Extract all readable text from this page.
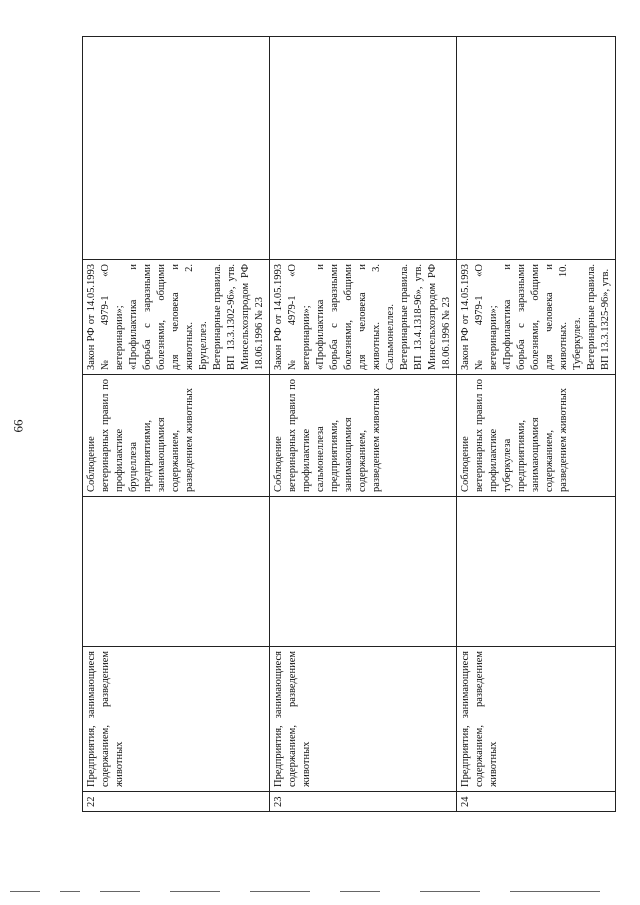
66
22	Предприятия, занимающиеся содержанием, разведением животных		Соблюдение ветеринарных правил по профилактике бруцеллеза предприятиями, занимающимися содержанием, разведением животных	Закон РФ от 14.05.1993 № 4979-1 «О ветеринарии»; «Профилактика и борьба с заразными болезнями, общими для человека и животных. 2. Бруцеллез. Ветеринарные правила. ВП 13.3.1302-96», утв. Минсельхозпродом РФ 18.06.1996 № 23	
23	Предприятия, занимающиеся содержанием, разведением животных		Соблюдение ветеринарных правил по профилактике сальмонеллеза предприятиями, занимающимися содержанием, разведением животных	Закон РФ от 14.05.1993 № 4979-1 «О ветеринарии»; «Профилактика и борьба с заразными болезнями, общими для человека и животных. 3. Сальмонеллез. Ветеринарные правила. ВП 13.4.1318-96», утв. Минсельхозпродом РФ 18.06.1996 № 23	
24	Предприятия, занимающиеся содержанием, разведением животных		Соблюдение ветеринарных правил по профилактике туберкулеза предприятиями, занимающимися содержанием, разведением животных	Закон РФ от 14.05.1993 № 4979-1 «О ветеринарии»; «Профилактика и борьба с заразными болезнями, общими для человека и животных. 10. Туберкулез. Ветеринарные правила. ВП 13.3.1325-96», утв.	
